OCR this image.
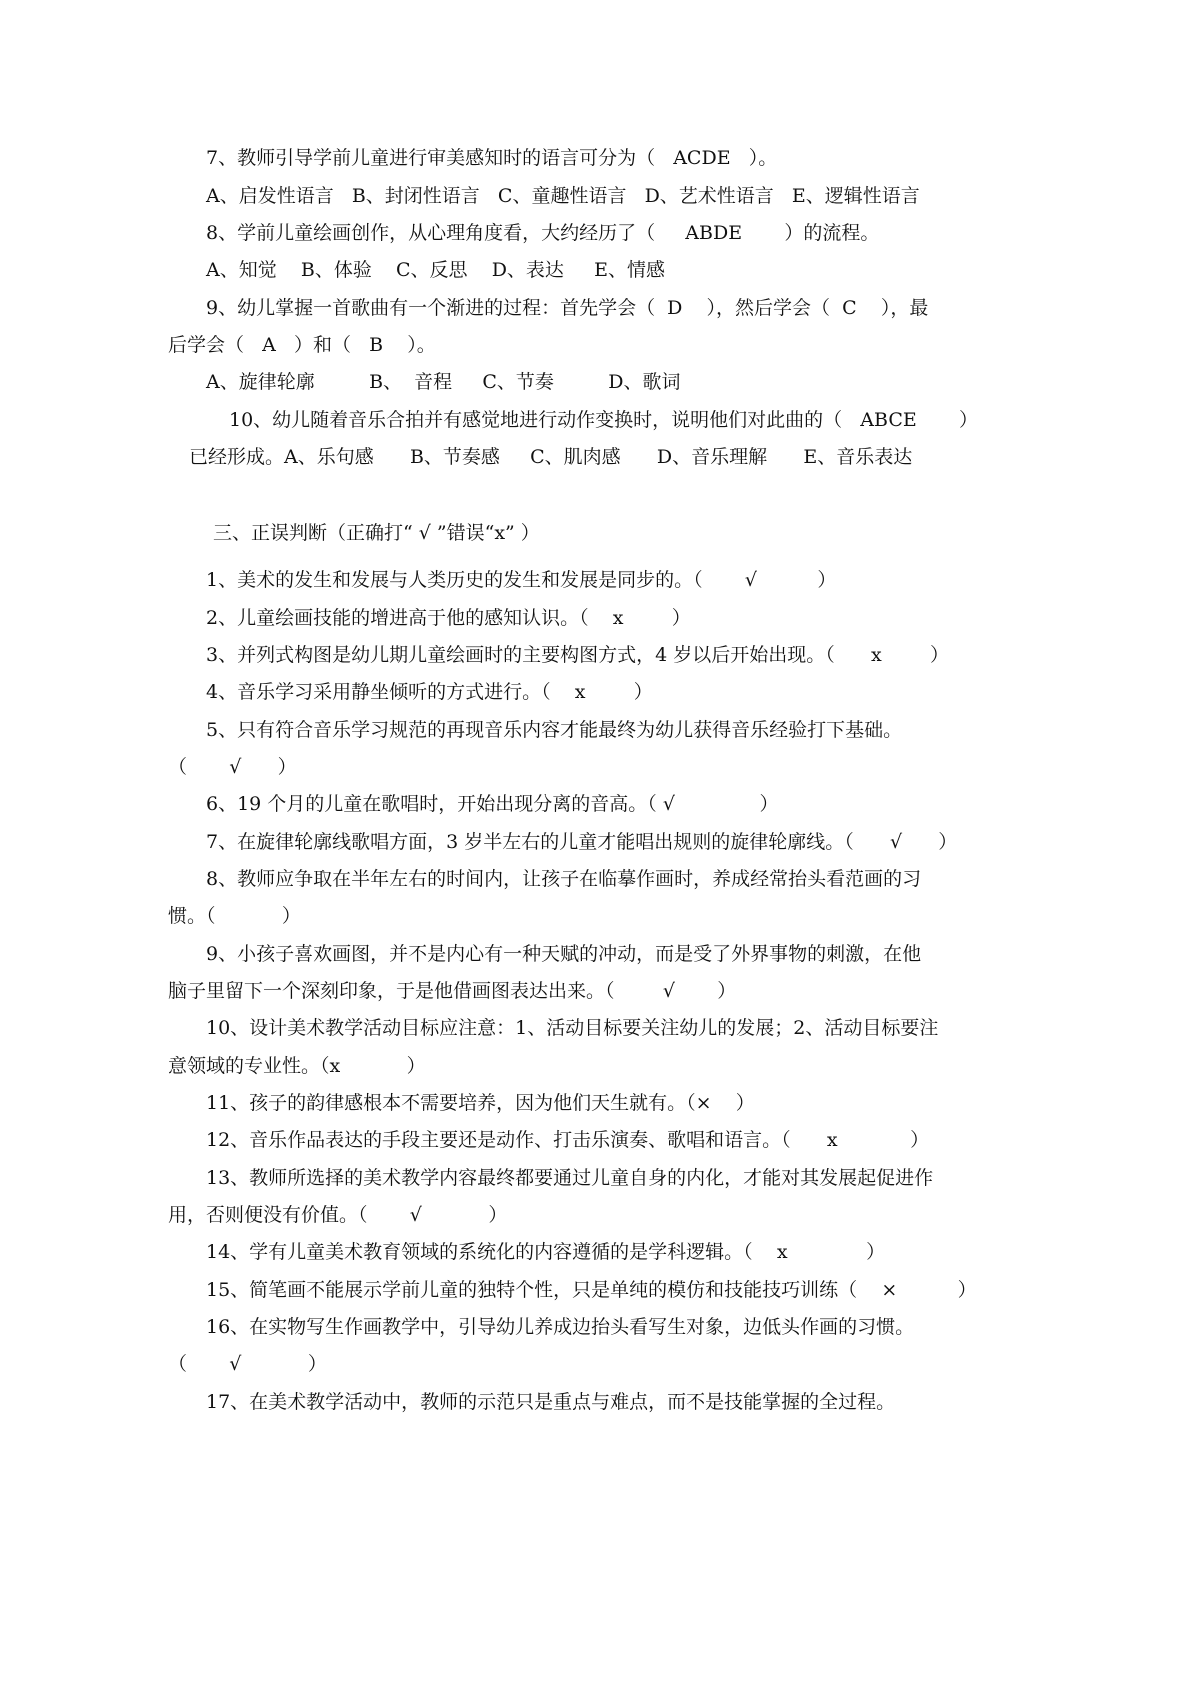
7、教师引导学前儿童进行审美感知时的语言可分为（   ACDE   ）。
A、启发性语言   B、封闭性语言   C、童趣性语言   D、艺术性语言   E、逻辑性语言
8、学前儿童绘画创作，从心理角度看，大约经历了（     ABDE       ）的流程。
A、知觉    B、体验    C、反思    D、表达     E、情感
9、幼儿掌握一首歌曲有一个渐进的过程：首先学会（  D    ），然后学会（  C    ），最
后学会（   A   ）和（   B    ）。
A、旋律轮廓         B、  音程     C、节奏         D、歌词
10、幼儿随着音乐合拍并有感觉地进行动作变换时，说明他们对此曲的（   ABCE       ）
已经形成。A、乐句感      B、节奏感     C、肌肉感      D、音乐理解      E、音乐表达
三、正误判断（正确打“ √ ”错误“x” ）
1、美术的发生和发展与人类历史的发生和发展是同步的。（       √          ）
2、儿童绘画技能的增进高于他的感知认识。（    x        ）
3、并列式构图是幼儿期儿童绘画时的主要构图方式，4 岁以后开始出现。（      x        ）
4、音乐学习采用静坐倾听的方式进行。（    x        ）
5、只有符合音乐学习规范的再现音乐内容才能最终为幼儿获得音乐经验打下基础。
（       √      ）
6、19 个月的儿童在歌唱时，开始出现分离的音高。（ √              ）
7、在旋律轮廓线歌唱方面，3 岁半左右的儿童才能唱出规则的旋律轮廓线。（      √      ）
8、教师应争取在半年左右的时间内，让孩子在临摹作画时，养成经常抬头看范画的习
惯。（           ）
9、小孩子喜欢画图，并不是内心有一种天赋的冲动，而是受了外界事物的刺激，在他
脑子里留下一个深刻印象，于是他借画图表达出来。（        √       ）
10、设计美术教学活动目标应注意：1、活动目标要关注幼儿的发展；2、活动目标要注
意领域的专业性。（x           ）
11、孩子的韵律感根本不需要培养，因为他们天生就有。（×    ）
12、音乐作品表达的手段主要还是动作、打击乐演奏、歌唱和语言。（      x            ）
13、教师所选择的美术教学内容最终都要通过儿童自身的内化，才能对其发展起促进作
用，否则便没有价值。（       √           ）
14、学有儿童美术教育领域的系统化的内容遵循的是学科逻辑。（    x             ）
15、简笔画不能展示学前儿童的独特个性，只是单纯的模仿和技能技巧训练（    ×          ）
16、在实物写生作画教学中，引导幼儿养成边抬头看写生对象，边低头作画的习惯。
（       √           ）
17、在美术教学活动中，教师的示范只是重点与难点，而不是技能掌握的全过程。
